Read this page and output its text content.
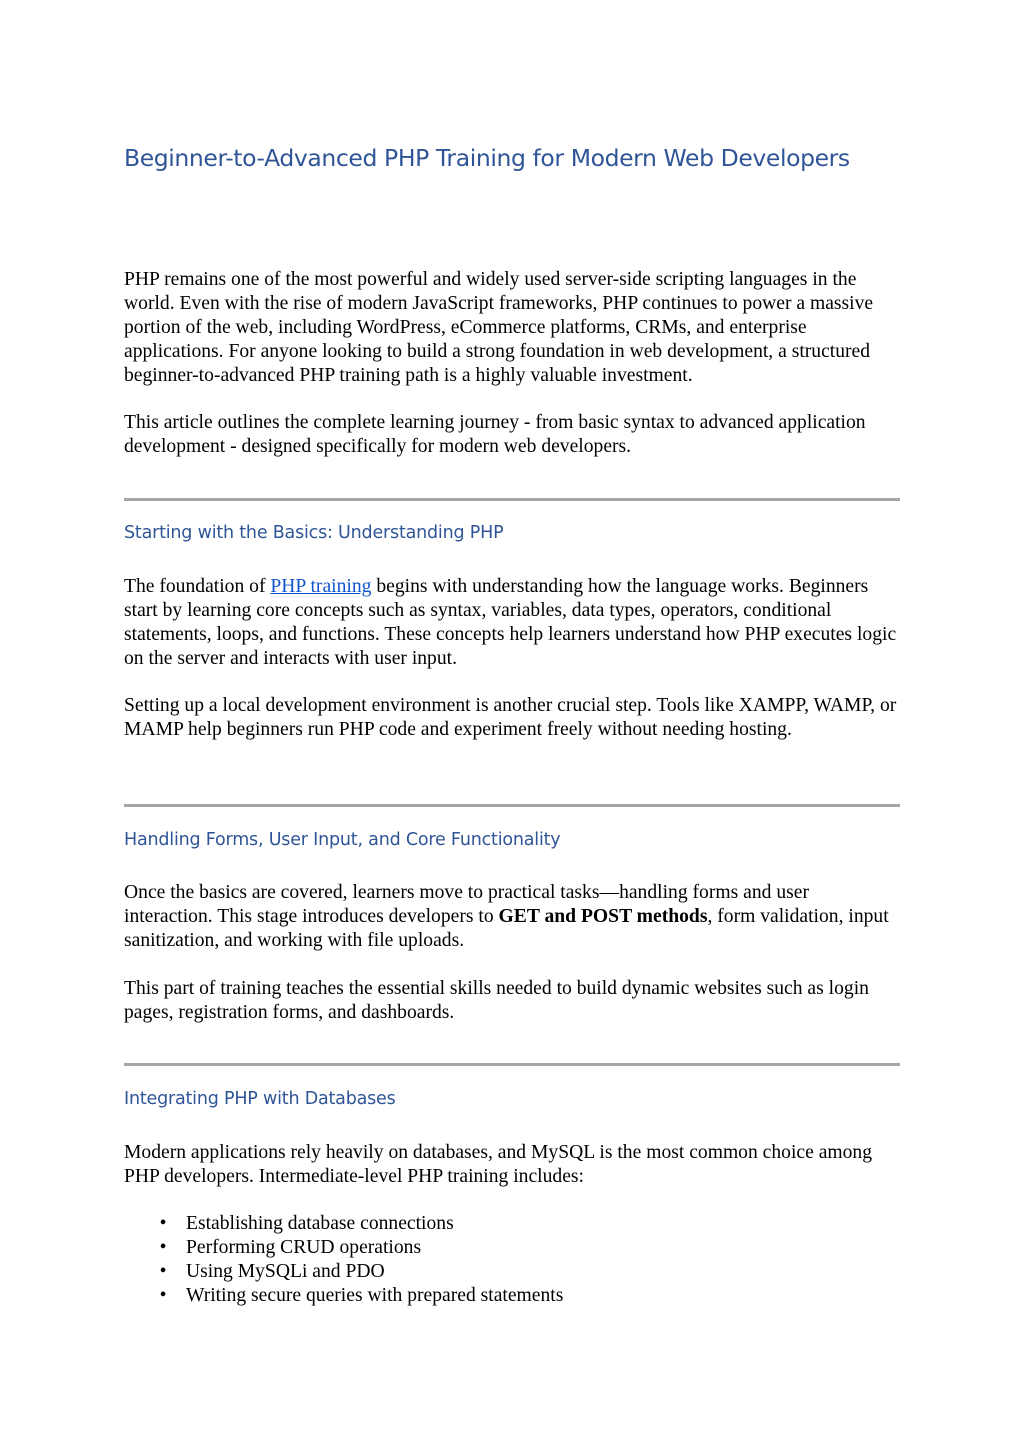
Beginner-to-Advanced PHP Training for Modern Web Developers

PHP remains one of the most powerful and widely used server-side scripting languages in the world. Even with the rise of modern JavaScript frameworks, PHP continues to power a massive portion of the web, including WordPress, eCommerce platforms, CRMs, and enterprise applications. For anyone looking to build a strong foundation in web development, a structured beginner-to-advanced PHP training path is a highly valuable investment.

This article outlines the complete learning journey - from basic syntax to advanced application development - designed specifically for modern web developers.

Starting with the Basics: Understanding PHP

The foundation of PHP training begins with understanding how the language works. Beginners start by learning core concepts such as syntax, variables, data types, operators, conditional statements, loops, and functions. These concepts help learners understand how PHP executes logic on the server and interacts with user input.

Setting up a local development environment is another crucial step. Tools like XAMPP, WAMP, or MAMP help beginners run PHP code and experiment freely without needing hosting.

Handling Forms, User Input, and Core Functionality

Once the basics are covered, learners move to practical tasks—handling forms and user interaction. This stage introduces developers to GET and POST methods, form validation, input sanitization, and working with file uploads.

This part of training teaches the essential skills needed to build dynamic websites such as login pages, registration forms, and dashboards.

Integrating PHP with Databases

Modern applications rely heavily on databases, and MySQL is the most common choice among PHP developers. Intermediate-level PHP training includes:

• Establishing database connections
• Performing CRUD operations
• Using MySQLi and PDO
• Writing secure queries with prepared statements
